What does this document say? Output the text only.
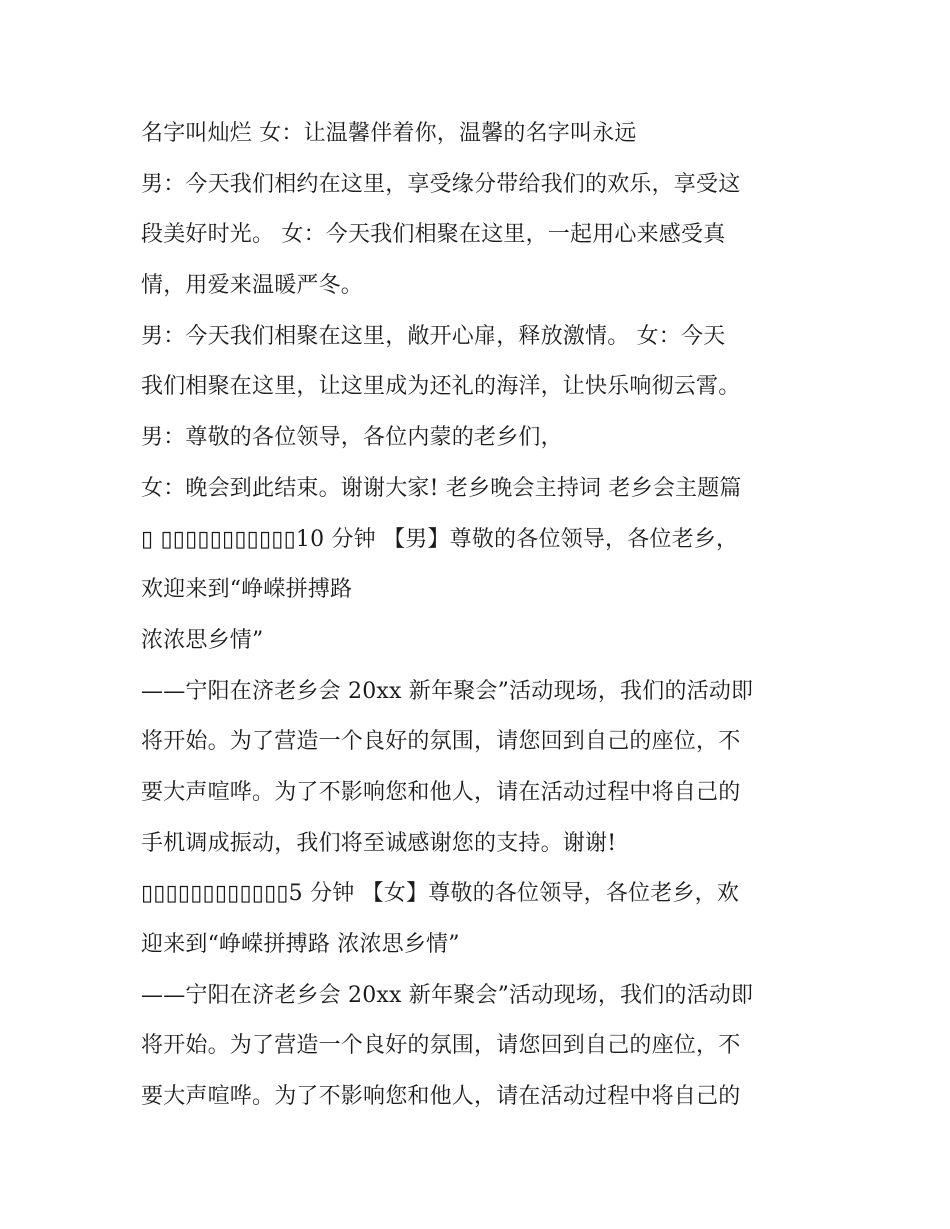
名字叫灿烂 女：让温馨伴着你，温馨的名字叫永远
男：今天我们相约在这里，享受缘分带给我们的欢乐，享受这
段美好时光。 女：今天我们相聚在这里，一起用心来感受真
情，用爱来温暖严冬。
男：今天我们相聚在这里，敞开心扉，释放激情。 女：今天
我们相聚在这里，让这里成为还礼的海洋，让快乐响彻云霄。
男：尊敬的各位领导，各位内蒙的老乡们，
女：晚会到此结束。谢谢大家! 老乡晚会主持词 老乡会主题篇
▯ ▯▯▯▯▯▯▯▯▯▯▯10 分钟 【男】尊敬的各位领导，各位老乡，
欢迎来到“峥嵘拼搏路
浓浓思乡情”
——宁阳在济老乡会 20xx 新年聚会”活动现场，我们的活动即
将开始。为了营造一个良好的氛围，请您回到自己的座位，不
要大声喧哗。为了不影响您和他人，请在活动过程中将自己的
手机调成振动，我们将至诚感谢您的支持。谢谢!
▯▯▯▯▯▯▯▯▯▯▯▯5 分钟 【女】尊敬的各位领导，各位老乡，欢
迎来到“峥嵘拼搏路 浓浓思乡情”
——宁阳在济老乡会 20xx 新年聚会”活动现场，我们的活动即
将开始。为了营造一个良好的氛围，请您回到自己的座位，不
要大声喧哗。为了不影响您和他人，请在活动过程中将自己的
